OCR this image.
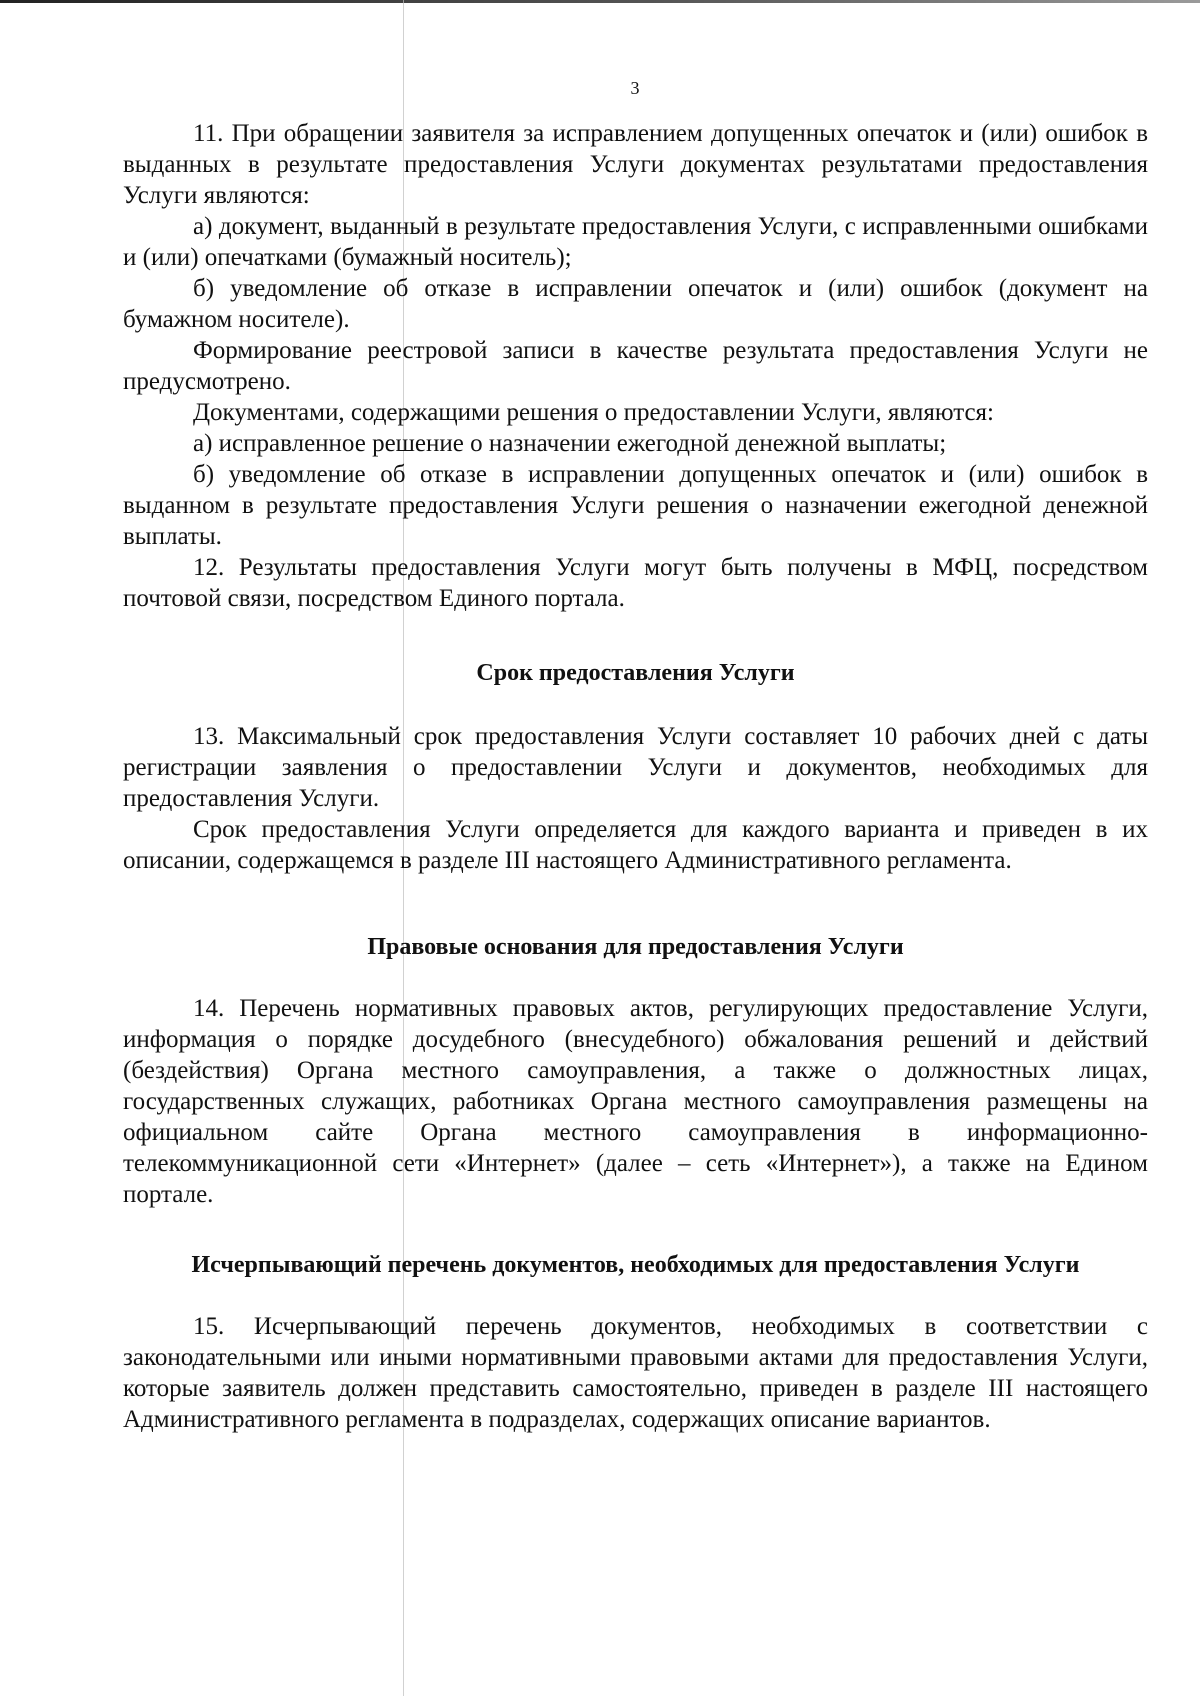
3

11. При обращении заявителя за исправлением допущенных опечаток и (или) ошибок в выданных в результате предоставления Услуги документах результатами предоставления Услуги являются:

а) документ, выданный в результате предоставления Услуги, с исправленными ошибками и (или) опечатками (бумажный носитель);

б) уведомление об отказе в исправлении опечаток и (или) ошибок (документ на бумажном носителе).

Формирование реестровой записи в качестве результата предоставления Услуги не предусмотрено.

Документами, содержащими решения о предоставлении Услуги, являются:

а) исправленное решение о назначении ежегодной денежной выплаты;

б) уведомление об отказе в исправлении допущенных опечаток и (или) ошибок в выданном в результате предоставления Услуги решения о назначении ежегодной денежной выплаты.

12. Результаты предоставления Услуги могут быть получены в МФЦ, посредством почтовой связи, посредством Единого портала.

Срок предоставления Услуги

13. Максимальный срок предоставления Услуги составляет 10 рабочих дней с даты регистрации заявления о предоставлении Услуги и документов, необходимых для предоставления Услуги.

Срок предоставления Услуги определяется для каждого варианта и приведен в их описании, содержащемся в разделе III настоящего Административного регламента.

Правовые основания для предоставления Услуги

14. Перечень нормативных правовых актов, регулирующих предоставление Услуги, информация о порядке досудебного (внесудебного) обжалования решений и действий (бездействия) Органа местного самоуправления, а также о должностных лицах, государственных служащих, работниках Органа местного самоуправления размещены на официальном сайте Органа местного самоуправления в информационно-телекоммуникационной сети «Интернет» (далее – сеть «Интернет»), а также на Едином портале.

Исчерпывающий перечень документов, необходимых для предоставления Услуги

15. Исчерпывающий перечень документов, необходимых в соответствии с законодательными или иными нормативными правовыми актами для предоставления Услуги, которые заявитель должен представить самостоятельно, приведен в разделе III настоящего Административного регламента в подразделах, содержащих описание вариантов.
